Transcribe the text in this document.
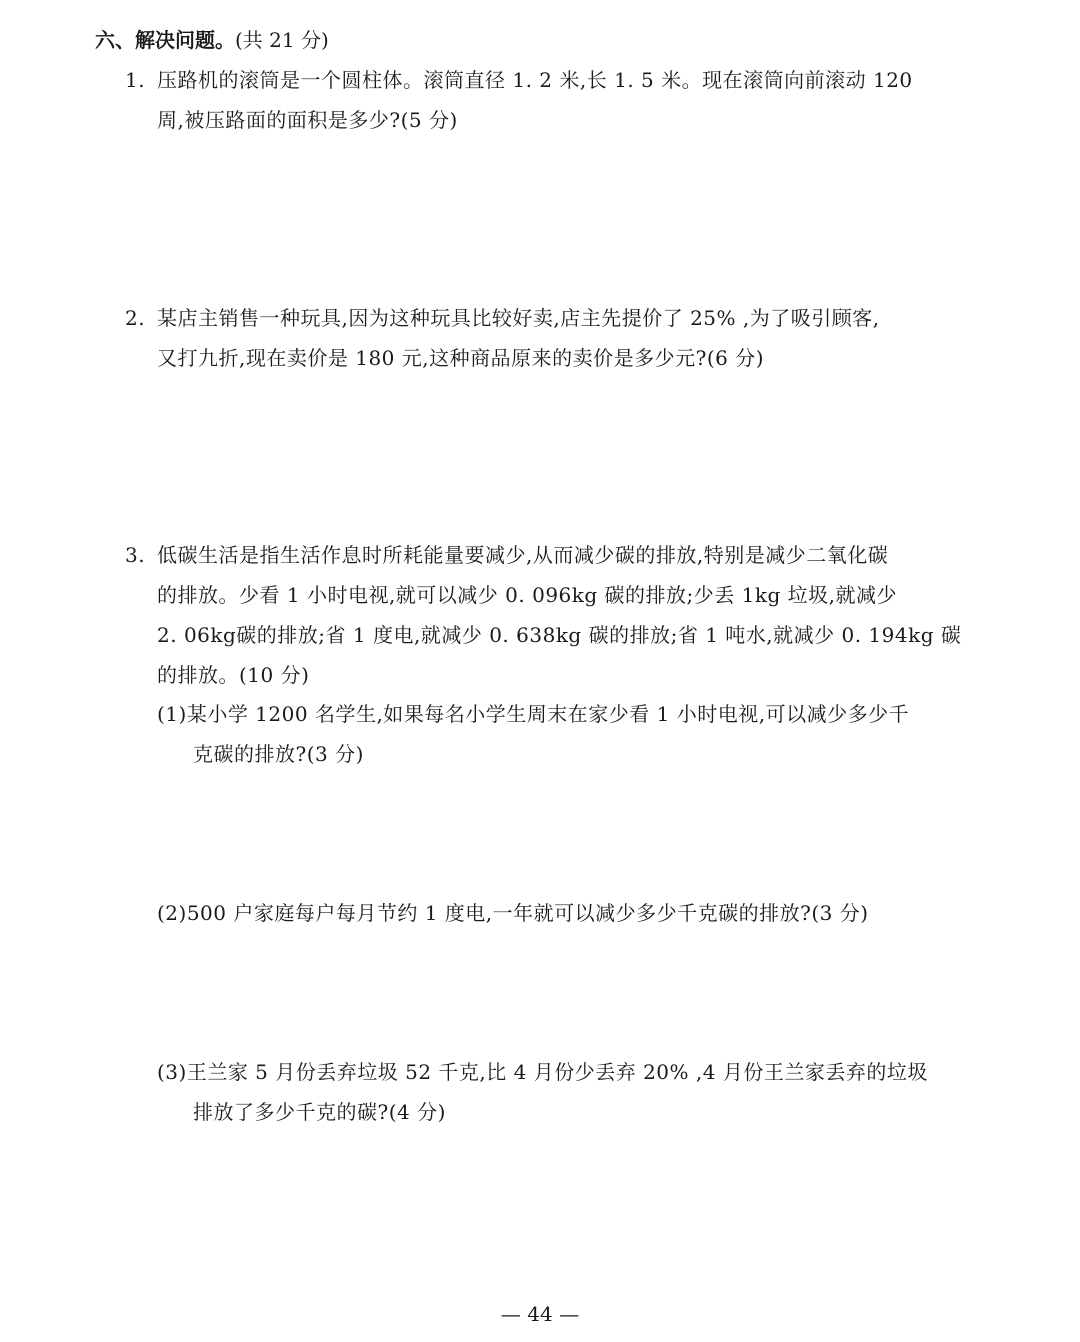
六、解决问题。(共 21 分)
1. 压路机的滚筒是一个圆柱体。滚筒直径 1. 2 米,长 1. 5 米。现在滚筒向前滚动 120
周,被压路面的面积是多少?(5 分)
2. 某店主销售一种玩具,因为这种玩具比较好卖,店主先提价了 25% ,为了吸引顾客,
又打九折,现在卖价是 180 元,这种商品原来的卖价是多少元?(6 分)
3. 低碳生活是指生活作息时所耗能量要减少,从而减少碳的排放,特别是减少二氧化碳
的排放。少看 1 小时电视,就可以减少 0. 096kg 碳的排放;少丢 1kg 垃圾,就减少
2. 06kg碳的排放;省 1 度电,就减少 0. 638kg 碳的排放;省 1 吨水,就减少 0. 194kg 碳
的排放。(10 分)
(1)某小学 1200 名学生,如果每名小学生周末在家少看 1 小时电视,可以减少多少千
克碳的排放?(3 分)
(2)500 户家庭每户每月节约 1 度电,一年就可以减少多少千克碳的排放?(3 分)
(3)王兰家 5 月份丢弃垃圾 52 千克,比 4 月份少丢弃 20% ,4 月份王兰家丢弃的垃圾
排放了多少千克的碳?(4 分)
— 44 —
